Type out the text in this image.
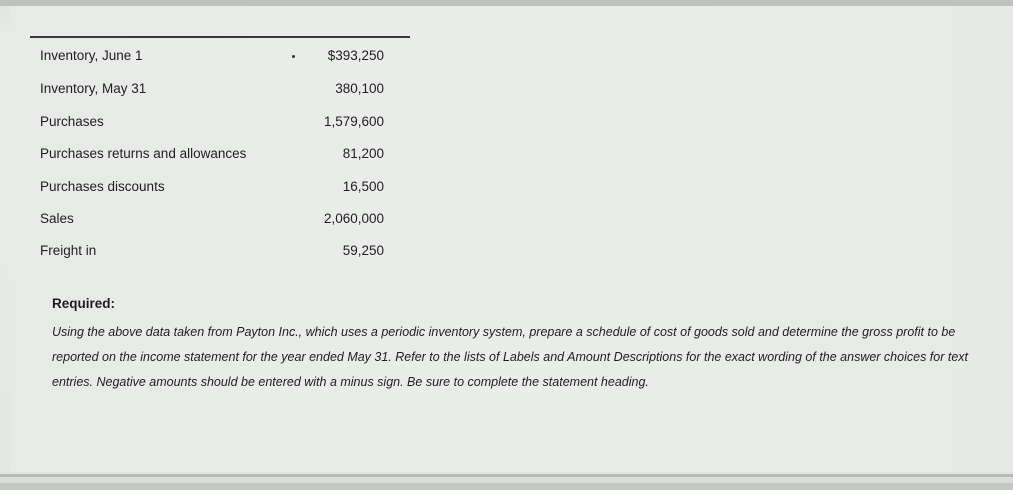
Inventory, June 1	$393,250
Inventory, May 31	380,100
Purchases	1,579,600
Purchases returns and allowances	81,200
Purchases discounts	16,500
Sales	2,060,000
Freight in	59,250
Required:
Using the above data taken from Payton Inc., which uses a periodic inventory system, prepare a schedule of cost of goods sold and determine the gross profit to be reported on the income statement for the year ended May 31. Refer to the lists of Labels and Amount Descriptions for the exact wording of the answer choices for text entries. Negative amounts should be entered with a minus sign. Be sure to complete the statement heading.
